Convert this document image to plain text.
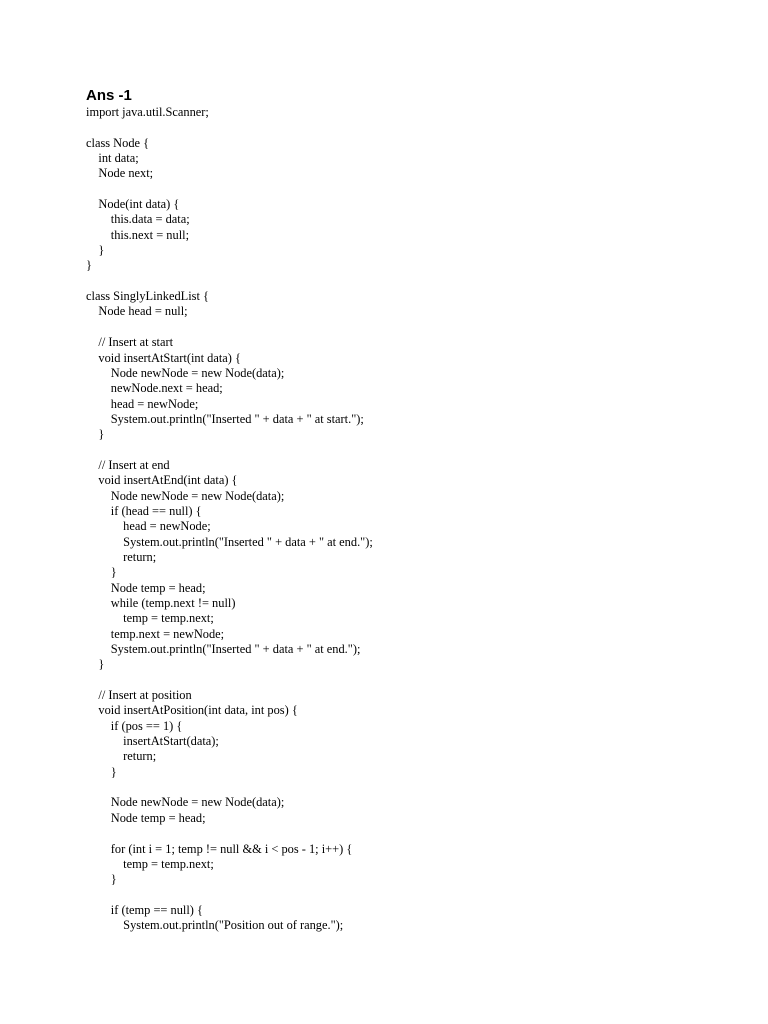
Ans -1
import java.util.Scanner;
class Node {
int data;
Node next;
Node(int data) {
this.data = data;
this.next = null;
}
}
class SinglyLinkedList {
Node head = null;
// Insert at start
void insertAtStart(int data) {
Node newNode = new Node(data);
newNode.next = head;
head = newNode;
System.out.println("Inserted " + data + " at start.");
}
// Insert at end
void insertAtEnd(int data) {
Node newNode = new Node(data);
if (head == null) {
head = newNode;
System.out.println("Inserted " + data + " at end.");
return;
}
Node temp = head;
while (temp.next != null)
temp = temp.next;
temp.next = newNode;
System.out.println("Inserted " + data + " at end.");
}
// Insert at position
void insertAtPosition(int data, int pos) {
if (pos == 1) {
insertAtStart(data);
return;
}
Node newNode = new Node(data);
Node temp = head;
for (int i = 1; temp != null && i < pos - 1; i++) {
temp = temp.next;
}
if (temp == null) {
System.out.println("Position out of range.");
